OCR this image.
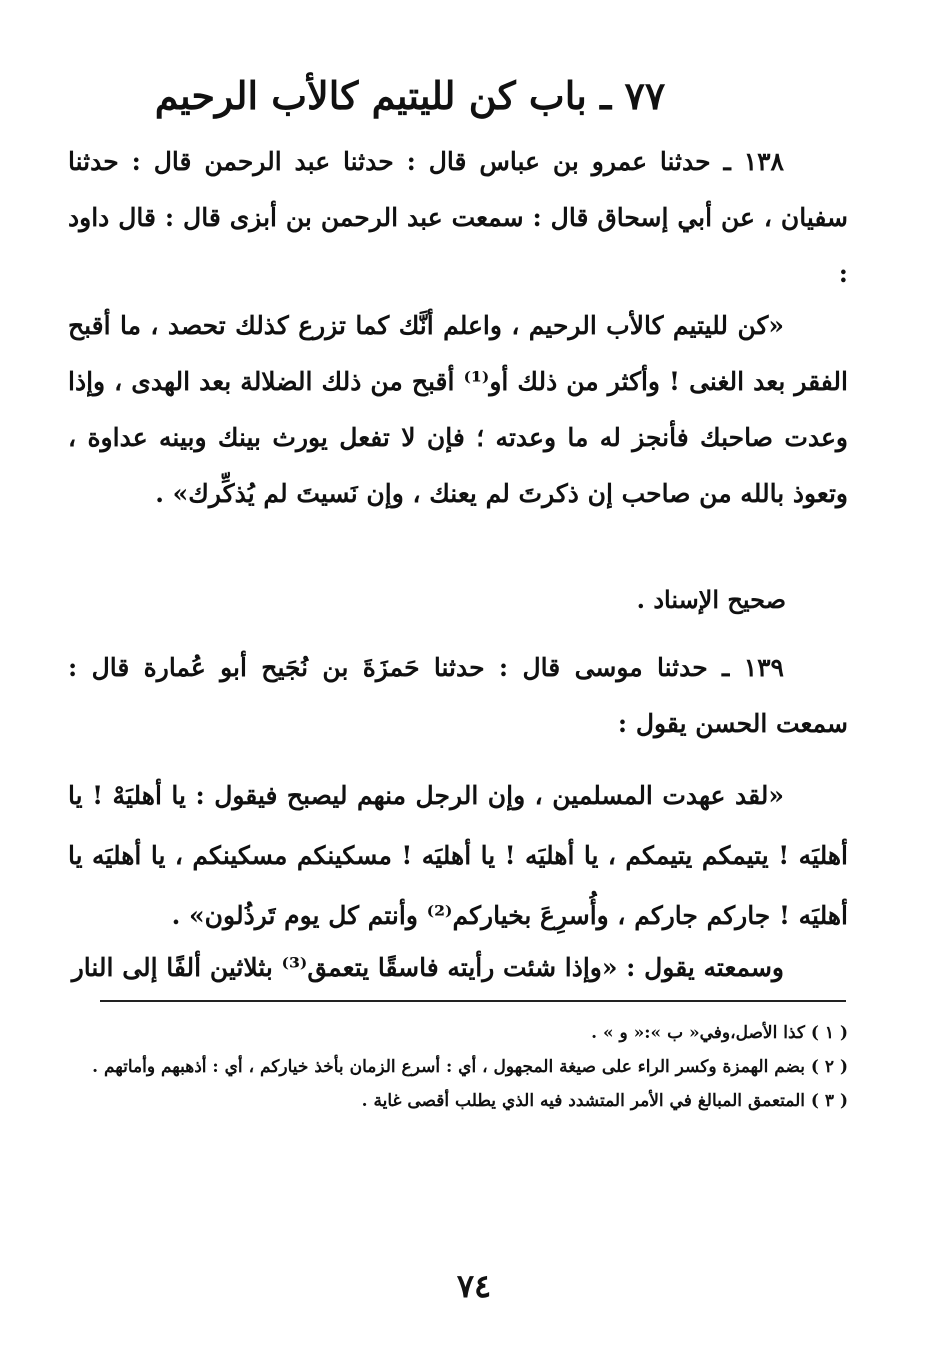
٧٧ ـ باب كن لليتيم كالأب الرحيم

١٣٨ ـ حدثنا عمرو بن عباس قال : حدثنا عبد الرحمن قال : حدثنا سفيان ، عن أبي إسحاق قال : سمعت عبد الرحمن بن أبزى قال : قال داود :

«كن لليتيم كالأب الرحيم ، واعلم أنَّك كما تزرع كذلك تحصد ، ما أقبح الفقر بعد الغنى ! وأكثر من ذلك أو⁽¹⁾ أقبح من ذلك الضلالة بعد الهدى ، وإذا وعدت صاحبك فأنجز له ما وعدته ؛ فإن لا تفعل يورث بينك وبينه عداوة ، وتعوذ بالله من صاحب إن ذكرتَ لم يعنك ، وإن نَسيتَ لم يُذكِّرك» .

صحيح الإسناد .

١٣٩ ـ حدثنا موسى قال : حدثنا حَمزَةَ بن نُجَيح أبو عُمارة قال : سمعت الحسن يقول :

«لقد عهدت المسلمين ، وإن الرجل منهم ليصبح فيقول : يا أهليَهْ ! يا أهليَه ! يتيمكم يتيمكم ، يا أهليَه ! يا أهليَه ! مسكينكم مسكينكم ، يا أهليَه يا أهليَه ! جاركم جاركم ، وأُسرِعَ بخياركم⁽²⁾ وأنتم كل يوم تَرذُلون» .

وسمعته يقول : «وإذا شئت رأيته فاسقًا يتعمق⁽³⁾ بثلاثين ألفًا إلى النار

( ١ ) كذا الأصل،وفي« ب »:« و » .

( ٢ ) بضم الهمزة وكسر الراء على صيغة المجهول ، أي : أسرع الزمان بأخذ خياركم ، أي : أذهبهم وأماتهم .

( ٣ ) المتعمق المبالغ في الأمر المتشدد فيه الذي يطلب أقصى غاية .

٧٤
